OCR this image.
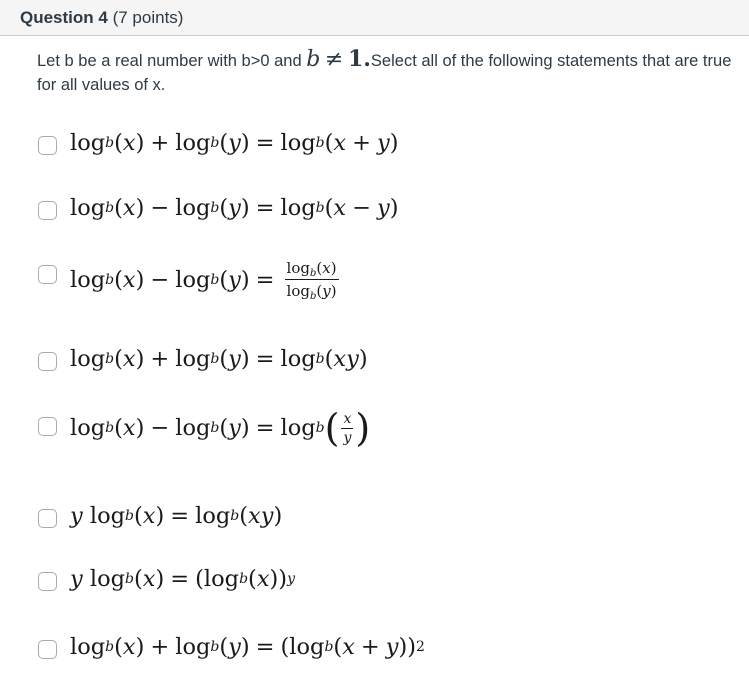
Question 4 (7 points)
Let b be a real number with b>0 and b ≠ 1.Select all of the following statements that are true for all values of x.
log b ( x ) + log b ( y ) = log b ( x + y )
log b ( x ) − log b ( y ) = log b ( x − y )
log b ( x ) − log b ( y ) = $\frac{\log_b(x)}{\log_b(y)}$
log b ( x ) + log b ( y ) = log b ( xy )
log b ( x ) − log b ( y ) = log b ( $\frac{x}{y}$ )
y log b ( x ) = log b ( xy )
y log b ( x ) = (log b ( x )) y
log b ( x ) + log b ( y ) = (log b ( x + y )) 2
